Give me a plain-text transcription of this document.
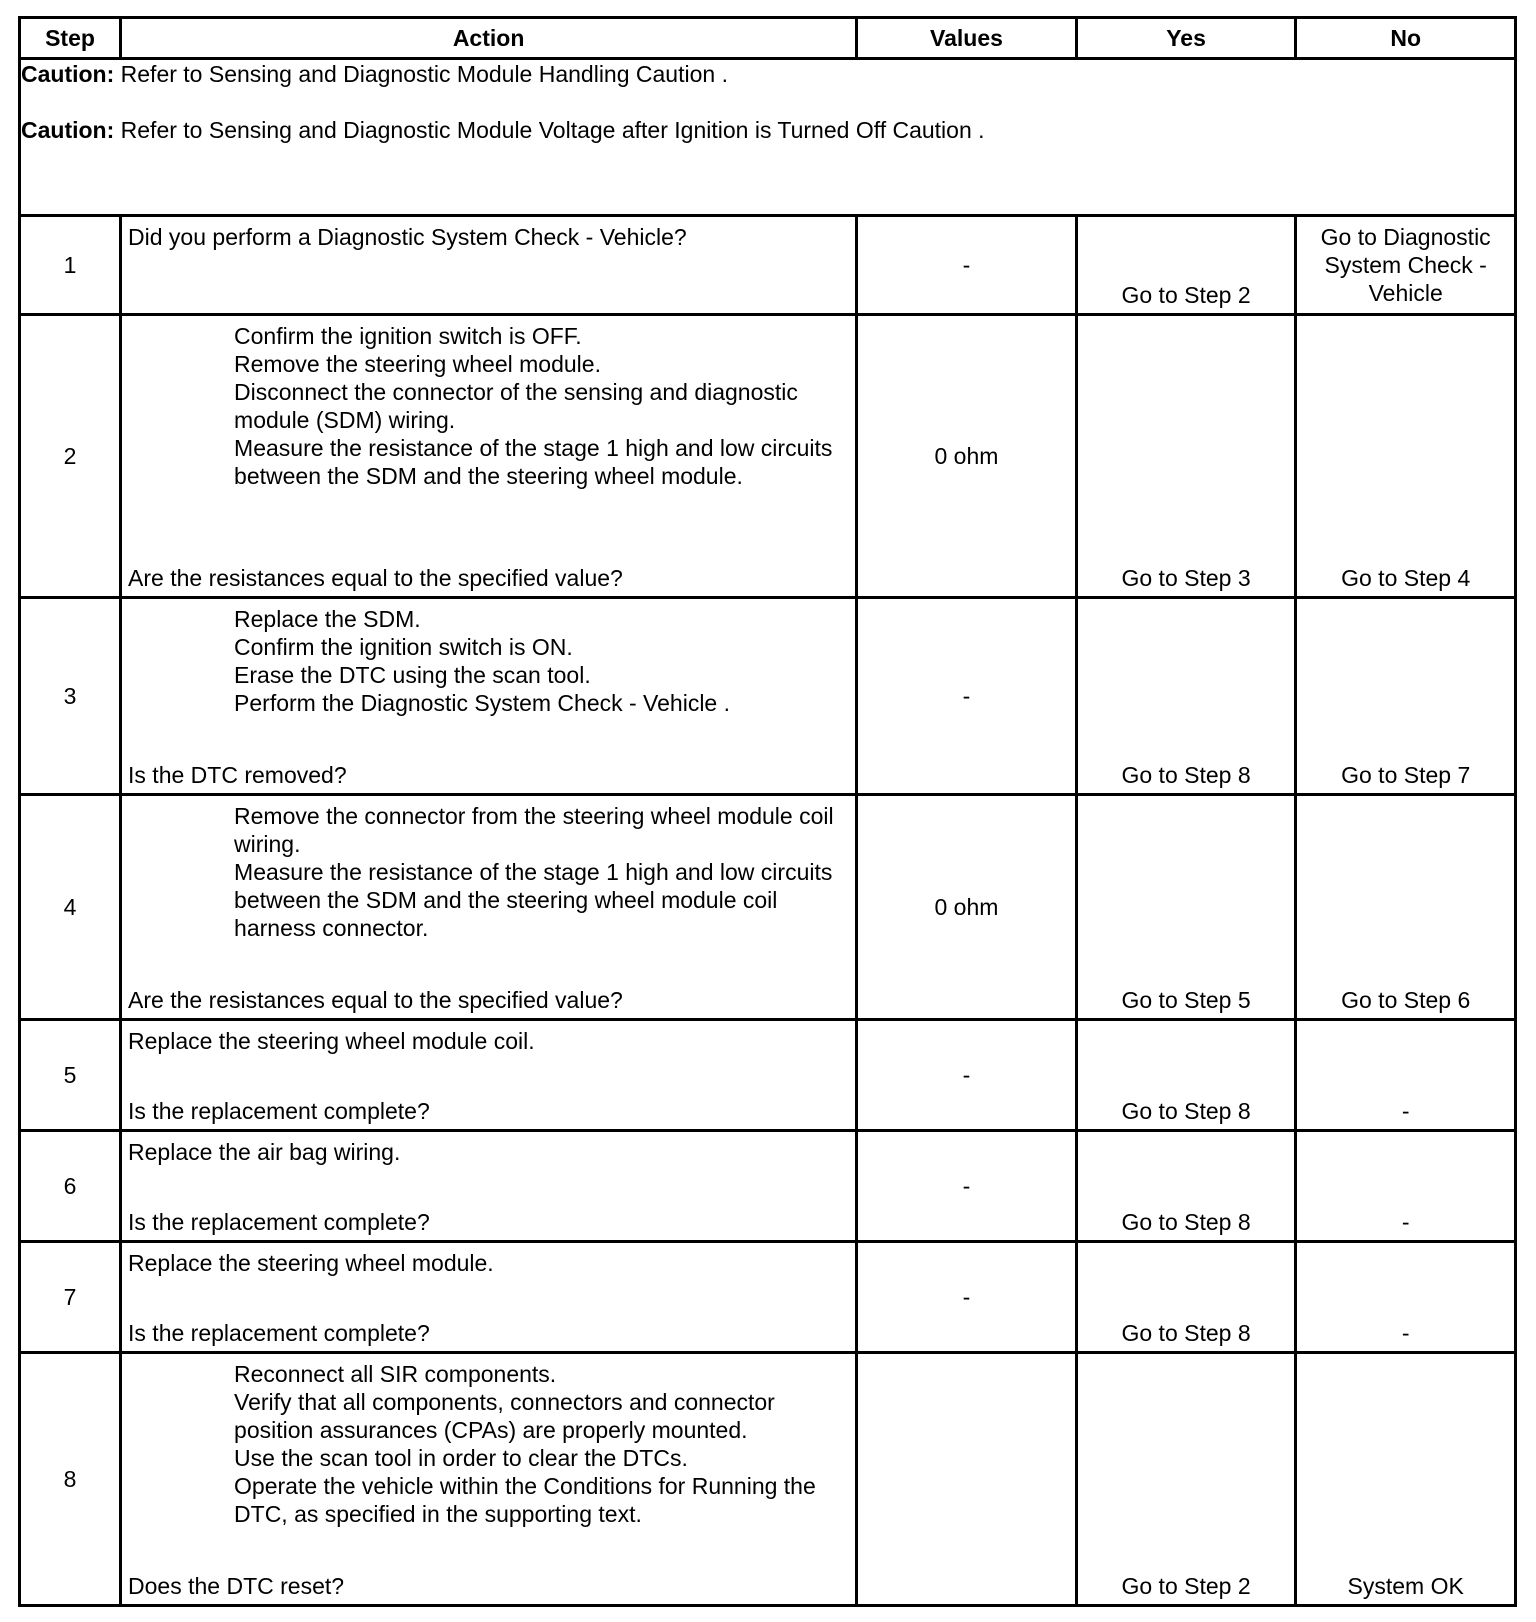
Step	Action	Values	Yes	No

Caution: Refer to Sensing and Diagnostic Module Handling Caution .

Caution: Refer to Sensing and Diagnostic Module Voltage after Ignition is Turned Off Caution .				

1	Did you perform a Diagnostic System Check - Vehicle?	-	Go to Step 2	Go to Diagnostic System Check - Vehicle
2	Confirm the ignition switch is OFF.
Remove the steering wheel module.
Disconnect the connector of the sensing and diagnostic module (SDM) wiring.
Measure the resistance of the stage 1 high and low circuits between the SDM and the steering wheel module.
Are the resistances equal to the specified value?	0 ohm	Go to Step 3	Go to Step 4
3	Replace the SDM.
Confirm the ignition switch is ON.
Erase the DTC using the scan tool.
Perform the Diagnostic System Check - Vehicle .
Is the DTC removed?	-	Go to Step 8	Go to Step 7
4	Remove the connector from the steering wheel module coil wiring.
Measure the resistance of the stage 1 high and low circuits between the SDM and the steering wheel module coil harness connector.
Are the resistances equal to the specified value?	0 ohm	Go to Step 5	Go to Step 6
5	Replace the steering wheel module coil.
Is the replacement complete?	-	Go to Step 8	-
6	Replace the air bag wiring.
Is the replacement complete?	-	Go to Step 8	-
7	Replace the steering wheel module.
Is the replacement complete?	-	Go to Step 8	-
8	Reconnect all SIR components.
Verify that all components, connectors and connector position assurances (CPAs) are properly mounted.
Use the scan tool in order to clear the DTCs.
Operate the vehicle within the Conditions for Running the DTC, as specified in the supporting text.
Does the DTC reset?		Go to Step 2	System OK
